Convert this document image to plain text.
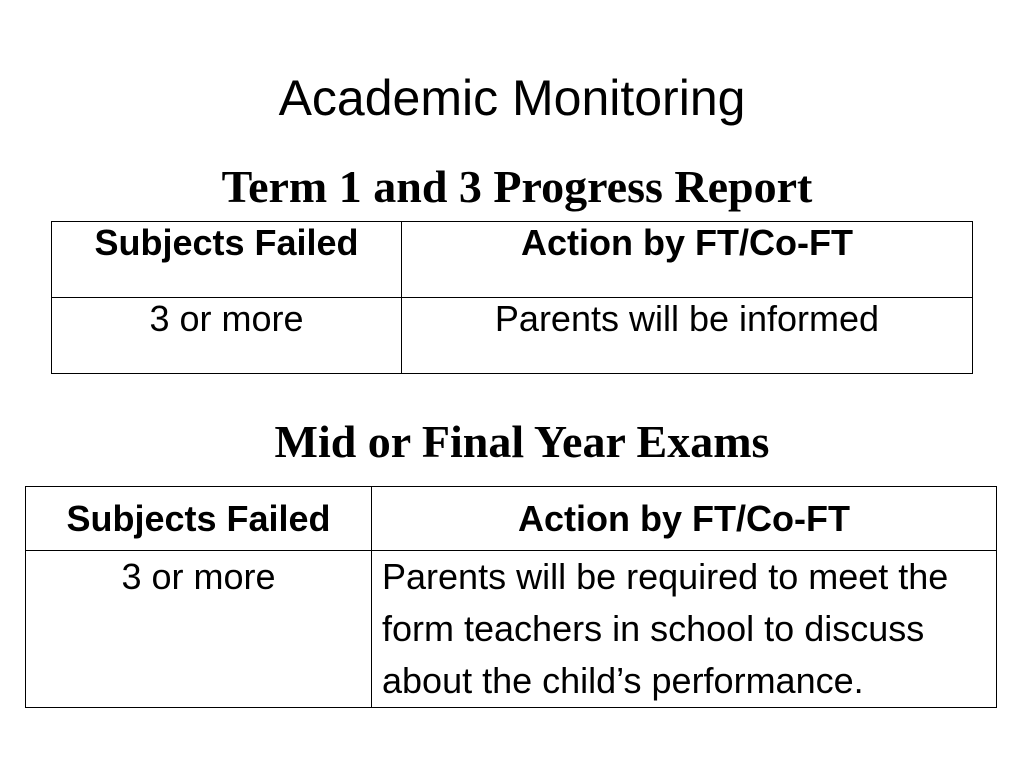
Academic Monitoring
Term 1 and 3 Progress Report
Subjects Failed	Action by FT/Co-FT
3 or more	Parents will be informed
Mid or Final Year Exams
Subjects Failed	Action by FT/Co-FT
3 or more	Parents will be required to meet the form teachers in school to discuss about the child’s performance.
